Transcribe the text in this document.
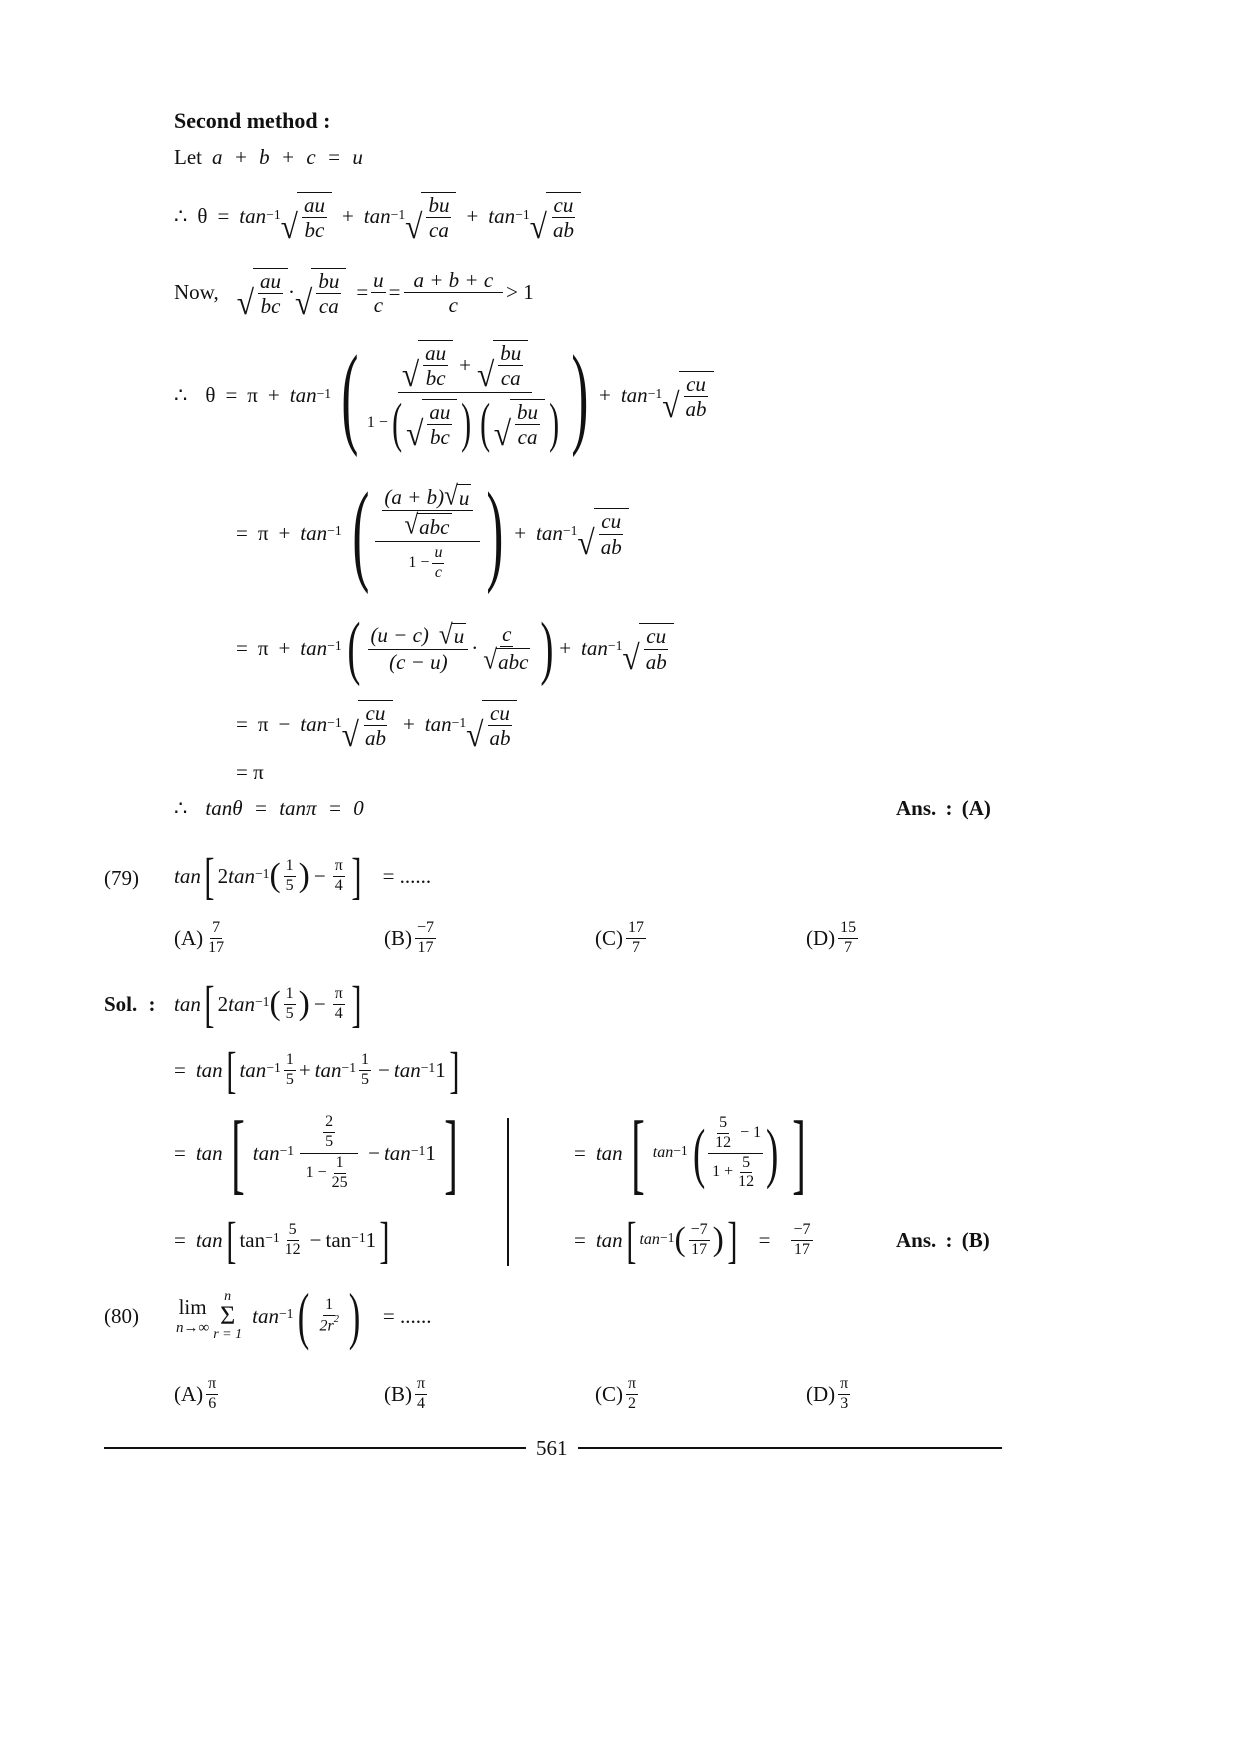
Second method :
Let a + b + c = u
∴ θ = tan −1 √ $\frac{au}{bc} + \tan -1$ √ $\frac{bu}{ca} + \tan -1$ √ $\frac{cu}{ab}$
Now, √ $\frac{au}{bc}$ · √ $\frac{bu}{ca} = \frac{u}{c} = \frac{a + b + c}{c} > 1$
∴ θ = π + tan −1 ( $\frac{√ \frac{au}{bc} + √ \frac{bu}{ca}}{1 - ( √ \frac{au}{bc} ) ( √ \frac{bu}{ca} )}$ ) + tan −1 √ $\frac{cu}{ab}$
= π + tan −1 ( $\frac{\frac{(a + b) √ u}{\text{√ abc}}}{1 - \frac{u}{c}}$ ) + tan −1 √ $\frac{cu}{ab}$
= π + tan −1 ( $\frac{(u - c) √ u}{(c - u)} \cdot \frac{c}{\text{√ abc}}$ ) + tan −1 √ $\frac{cu}{ab}$
= π − tan −1 √ $\frac{cu}{ab} + \tan -1$ √ $\frac{cu}{ab}$
= π
∴ tanθ = tanπ = 0	Ans. : (A)
(79) tan [ 2 tan −1 ( $\frac{1}{5}$ ) − $\frac{\pi}{4}$ ] = ......
$(A) \frac{7}{17}$	$(B) \frac{-7}{17}$	$(C) \frac{17}{7}$	$(D) \frac{15}{7}$
Sol. : tan [ 2 tan −1 ( $\frac{1}{5}$ ) − $\frac{\pi}{4}$ ]
= tan [ $\tan -1 \frac{1}{5} + \tan -1 \frac{1}{5} - \tan -1$ 1 ]
= tan [ $\tan -1 \frac{\frac{2}{5}}{1 - \frac{1}{25}} - \tan -1$ 1 ]
= tan [ $\tan -1 \frac{5}{12} - \tan -1$ 1 ]
= tan [ tan −1 ( $\frac{\frac{5}{12} - 1}{1 + \frac{5}{12}}$ ) ]
= tan [ tan −1 ( $\frac{-7}{17}$ ) ] = $\frac{-7}{17}$	Ans. : (B)
(80) lim
n→∞
n
Σ
r = 1
tan −1 ( $\frac{1}{2r^2}$ ) = ......
$(A) \frac{\pi}{6}$	$(B) \frac{\pi}{4}$	$(C) \frac{\pi}{2}$	$(D) \frac{\pi}{3}$
561
